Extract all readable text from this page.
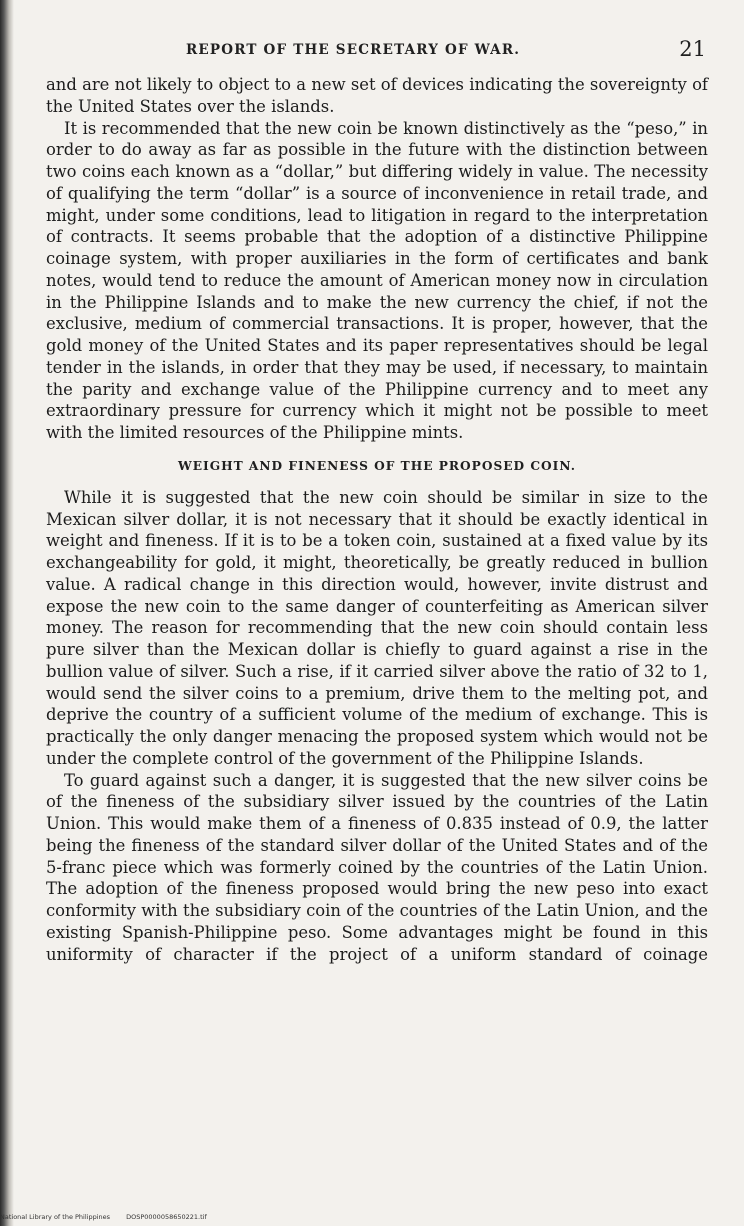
REPORT OF THE SECRETARY OF WAR.	21

and are not likely to object to a new set of devices indicating the sovereignty of the United States over the islands.

It is recommended that the new coin be known distinctively as the “peso,” in order to do away as far as possible in the future with the distinction between two coins each known as a “dollar,” but differing widely in value. The necessity of qualifying the term “dollar” is a source of inconvenience in retail trade, and might, under some conditions, lead to litigation in regard to the interpretation of contracts. It seems probable that the adoption of a distinctive Philippine coinage system, with proper auxiliaries in the form of certificates and bank notes, would tend to reduce the amount of American money now in circulation in the Philippine Islands and to make the new currency the chief, if not the exclusive, medium of commercial transactions. It is proper, however, that the gold money of the United States and its paper representatives should be legal tender in the islands, in order that they may be used, if necessary, to maintain the parity and exchange value of the Philippine currency and to meet any extraordinary pressure for currency which it might not be possible to meet with the limited resources of the Philippine mints.

WEIGHT AND FINENESS OF THE PROPOSED COIN.

While it is suggested that the new coin should be similar in size to the Mexican silver dollar, it is not necessary that it should be exactly identical in weight and fineness. If it is to be a token coin, sustained at a fixed value by its exchangeability for gold, it might, theoretically, be greatly reduced in bullion value. A radical change in this direction would, however, invite distrust and expose the new coin to the same danger of counterfeiting as American silver money. The reason for recommending that the new coin should contain less pure silver than the Mexican dollar is chiefly to guard against a rise in the bullion value of silver. Such a rise, if it carried silver above the ratio of 32 to 1, would send the silver coins to a premium, drive them to the melting pot, and deprive the country of a sufficient volume of the medium of exchange. This is practically the only danger menacing the proposed system which would not be under the complete control of the government of the Philippine Islands.

To guard against such a danger, it is suggested that the new silver coins be of the fineness of the subsidiary silver issued by the countries of the Latin Union. This would make them of a fineness of 0.835 instead of 0.9, the latter being the fineness of the standard silver dollar of the United States and of the 5-franc piece which was formerly coined by the countries of the Latin Union. The adoption of the fineness proposed would bring the new peso into exact conformity with the subsidiary coin of the countries of the Latin Union, and the existing Spanish-Philippine peso. Some advantages might be found in this uniformity of character if the project of a uniform standard of coinage

National Library of the Philippines DOSP0000058650221.tif
